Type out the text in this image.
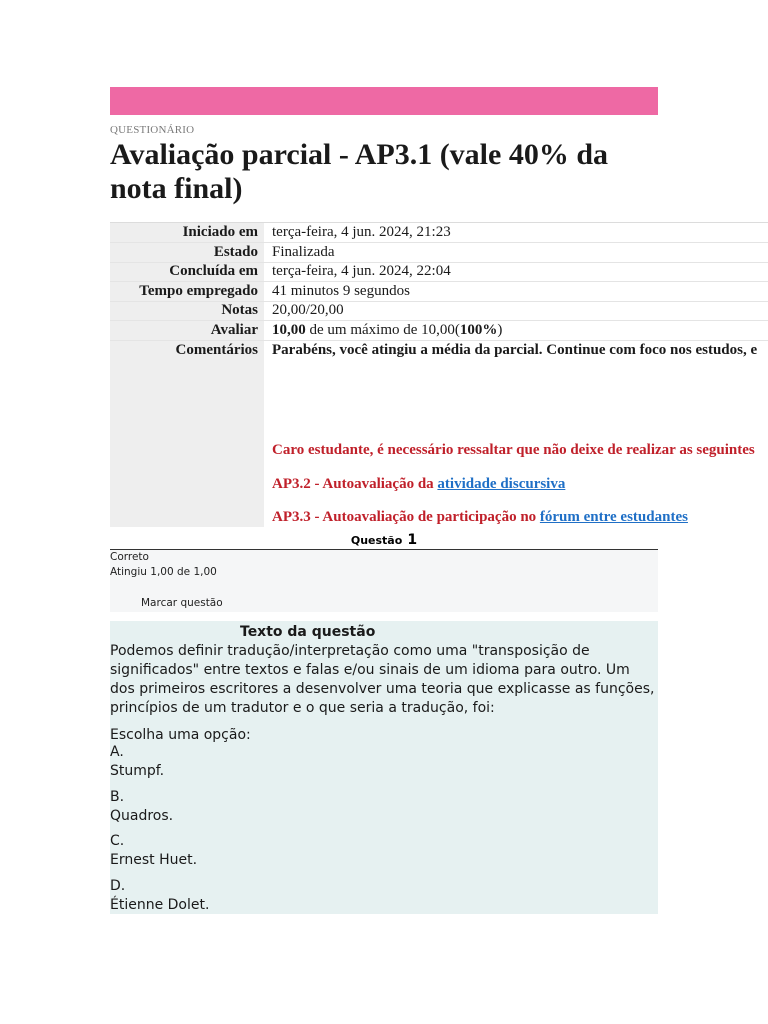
QUESTIONÁRIO
Avaliação parcial - AP3.1 (vale 40% da nota final)
Iniciado em terça-feira, 4 jun. 2024, 21:23
Estado Finalizada
Concluída em terça-feira, 4 jun. 2024, 22:04
Tempo empregado 41 minutos 9 segundos
Notas 20,00/20,00
Avaliar 10,00 de um máximo de 10,00(100%)
Comentários Parabéns, você atingiu a média da parcial. Continue com foco nos estudos, e
Caro estudante, é necessário ressaltar que não deixe de realizar as seguintes
AP3.2 - Autoavaliação da atividade discursiva
AP3.3 - Autoavaliação de participação no fórum entre estudantes
Questão 1
Correto
Atingiu 1,00 de 1,00
Marcar questão
Texto da questão
Podemos definir tradução/interpretação como uma "transposição de significados" entre textos e falas e/ou sinais de um idioma para outro. Um dos primeiros escritores a desenvolver uma teoria que explicasse as funções, princípios de um tradutor e o que seria a tradução, foi:
Escolha uma opção:
A.
Stumpf.
B.
Quadros.
C.
Ernest Huet.
D.
Étienne Dolet.
